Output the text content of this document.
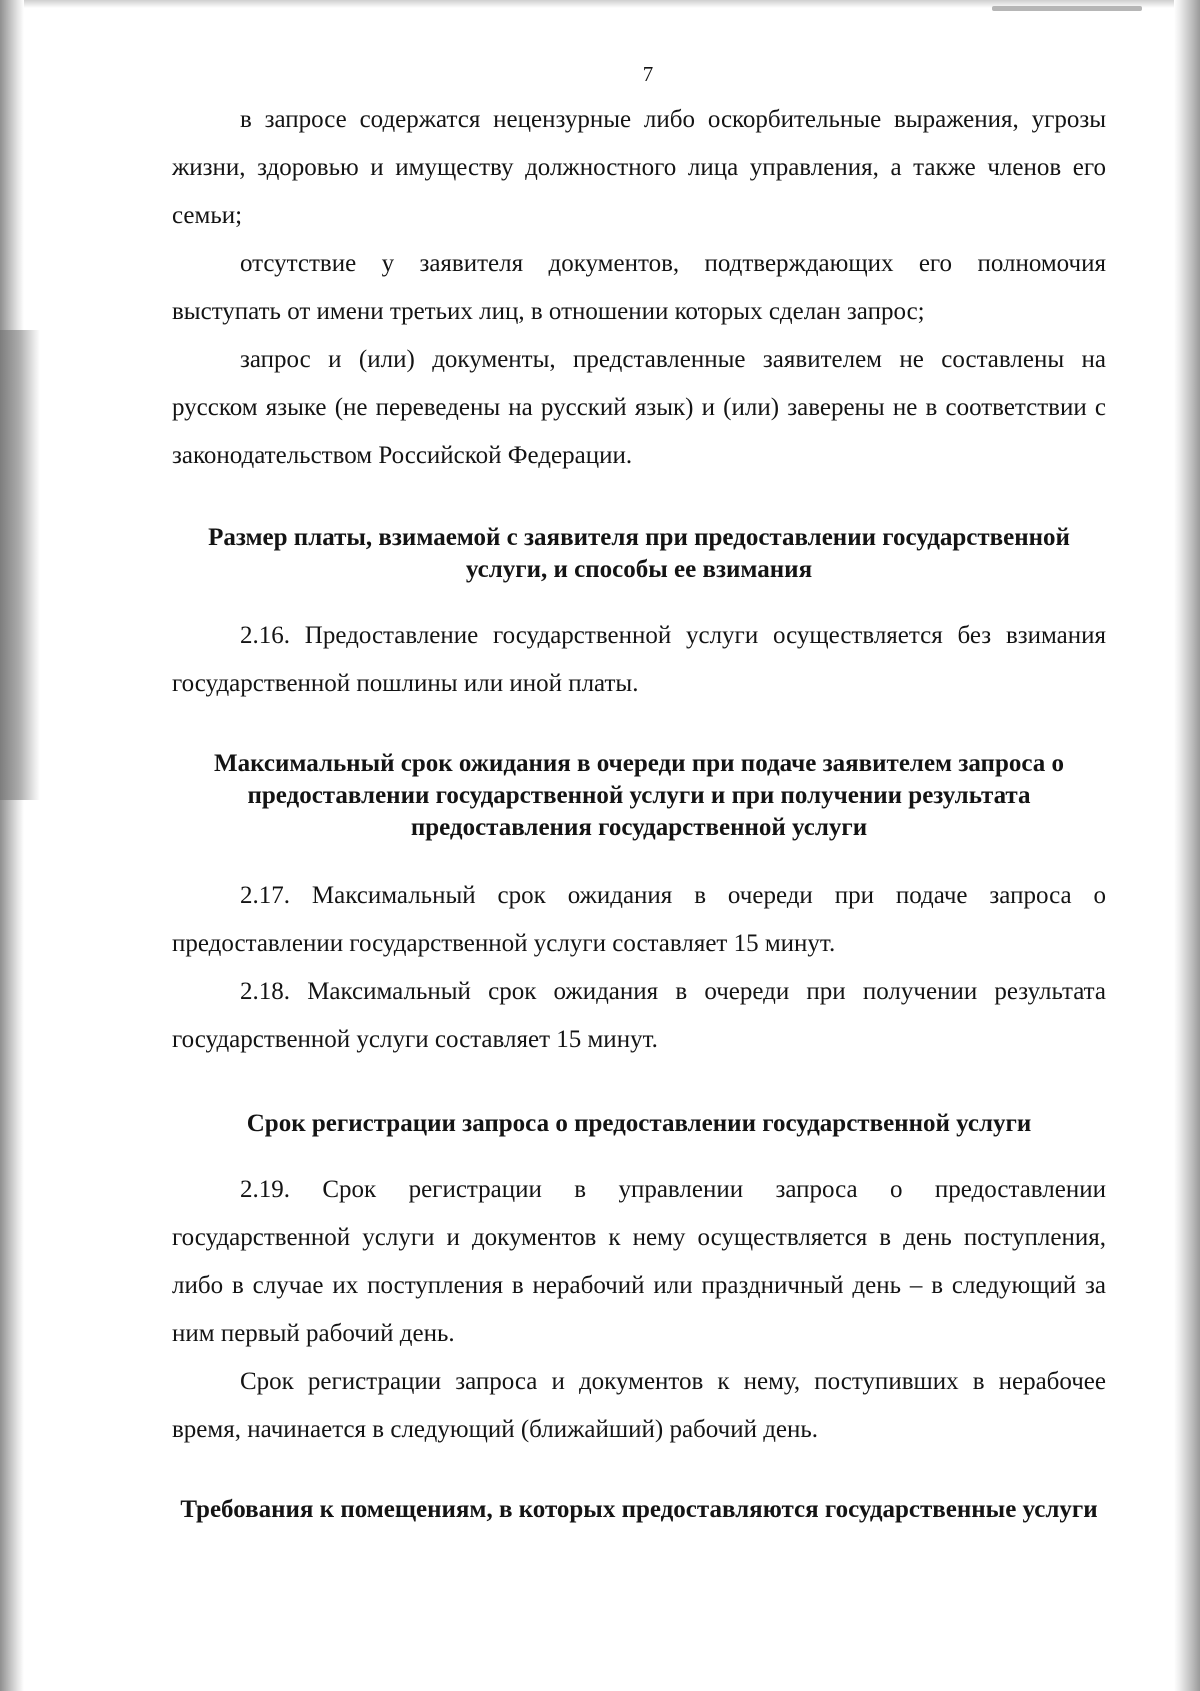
7

в запросе содержатся нецензурные либо оскорбительные выражения, угрозы жизни, здоровью и имуществу должностного лица управления, а также членов его семьи;

отсутствие у заявителя документов, подтверждающих его полномочия выступать от имени третьих лиц, в отношении которых сделан запрос;

запрос и (или) документы, представленные заявителем не составлены на русском языке (не переведены на русский язык) и (или) заверены не в соответствии с законодательством Российской Федерации.

Размер платы, взимаемой с заявителя при предоставлении государственной услуги, и способы ее взимания

2.16. Предоставление государственной услуги осуществляется без взимания государственной пошлины или иной платы.

Максимальный срок ожидания в очереди при подаче заявителем запроса о предоставлении государственной услуги и при получении результата предоставления государственной услуги

2.17. Максимальный срок ожидания в очереди при подаче запроса о предоставлении государственной услуги составляет 15 минут.

2.18. Максимальный срок ожидания в очереди при получении результата государственной услуги составляет 15 минут.

Срок регистрации запроса о предоставлении государственной услуги

2.19. Срок регистрации в управлении запроса о предоставлении государственной услуги и документов к нему осуществляется в день поступления, либо в случае их поступления в нерабочий или праздничный день – в следующий за ним первый рабочий день.

Срок регистрации запроса и документов к нему, поступивших в нерабочее время, начинается в следующий (ближайший) рабочий день.

Требования к помещениям, в которых предоставляются государственные услуги
